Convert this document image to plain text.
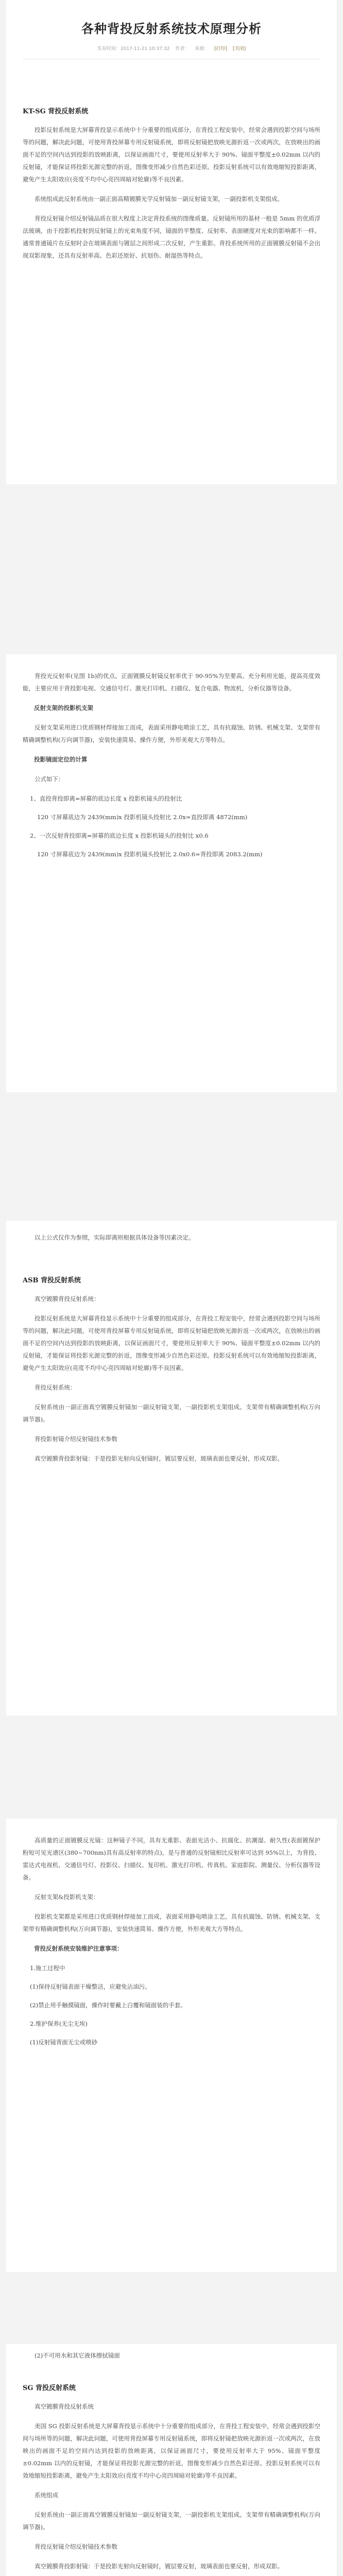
各种背投反射系统技术原理分析
发布时间：2017-11-21 10:37:32 作者： 来源： [打印] [关闭]
KT-SG 背投反射系统

投影反射系统是大屏幕背投显示系统中十分重要的组成部分，在背投工程安装中，经常会遇到投影空间与场所等的问题，解决此问题，可使用背投屏幕专用反射镜系统，即将反射镜把放映光源折返一次或两次，在放映出的画面不足的空间内达到投影的放映距离，以保证画面尺寸，要使用反射率大于 90%、镜面平整度±0.02mm 以内的反射镜，才能保证将投影光源完整的折返，图像变形减少自然色彩还原。投影反射系统可以有效地缩短投影距离，避免产生太阳效应(亮度不均中心亮四周暗对轮廓)等不良因素。

系统组成此反射系统由一副正面高精镀膜光学反射镜加一副反射镜支架，一副投影机支架组成。

背投反射镜介绍反射镜品质在很大程度上决定背投系统的图像质量。反射镜所用的基材一般是 5mm 的优质浮法玻璃，由于投影机投射到反射镜上的光束角度不同，镜面的平整度、反射率、表面硬度对光束的影响都不一样。通常普通镜片在反射时会在玻璃表面与镀层之间形成二次反射，产生重影。背投系统所用的正面镀膜反射镜不会出现双影现象，还具有反射率高、色彩还原好、抗划伤、耐湿热等特点。

背投光反射率(见图 1b)的优点。正面镀膜反射镜反射率优于 90-95%为至要高。充分利用光能，提高亮度效能，主要应用于背投影电视、交通信号灯、激光打印机、扫描仪、复合电器、物流机，分析仪器等设备。

反射支架的投影机支架

反射支架采用进口优质钢材焊接加工而成，表面采用静电喷涂工艺，具有抗腐蚀、防锈、机械支架、支架带有精确调整机构(万向调节器)，安装快速简易、操作方便，外形美观大方等特点。

投影镜面定位的计算

公式如下：

1、直投背投即离=屏幕的底边长度 x 投影机镜头的投射比
120 寸屏幕底边为 2439(mm)x 投影机镜头投射比 2.0x=直投即离 4872(mm)
2、一次反射背投即离=屏幕的底边长度 x 投影机镜头的投射比 x0.6
120 寸屏幕底边为 2439(mm)x 投影机镜头投射比 2.0x0.6=背投即离 2083.2(mm)

以上公式仅作为参照，实际即离则根据具体设备等因素决定。

ASB 背投反射系统

真空镀膜背投反射系统：

投影反射系统是大屏幕背投显示系统中十分重要的组成部分，在背投工程安装中，经常会遇到投影空间与场所等的问题，解决此问题，可使用背投屏幕专用反射镜系统，即将反射镜把放映光源折返一次或两次，在放映出的画面不足的空间内达到投影的放映距离，以保证画面尺寸，要使用反射率大于 90%、镜面平整度±0.02mm 以内的反射镜，才能保证将投影光源完整的折返，图像变形减少自然色彩还原。投影反射系统可以有效地缩短投影距离，避免产生太阳效应(亮度不均中心亮四周暗对轮廓)等不良因素。

背投反射系统：

反射系统由一副正面真空镀膜反射镜加一副反射镜支架，一副投影机支架组成。支架带有精确调整机构(万向调节器)。

背投影射镜介绍反射镜技术参数

真空镀膜背投影射镜：于是投影光射向反射镜时，镀层要反射，玻璃表面也要反射，形成双影。

高质量的正面镀膜反光镜：这种镜子不同，具有无重影、表面光洁小、抗腐化、抗潮湿、耐久性(表面镀保护粉短可见光谱区(380~700nm)具有高反射率的特点)，是与普通的反射镜相比反射率可达到 95%以上，为背投、雷达式电视机、交通信号灯、投影仪、扫描仪、复印机、激光打印机、传真机、家庭影院、测量仪、分析仪器等设备。

反射支架&投影机支架：

投影机支架都是采用进口优质钢材焊接加工而成，表面采用静电喷涂工艺，具有抗腐蚀、防锈、机械支架、支架带有精确调整机构(万向调节器)，安装快速简易、操作方便，外形美观大方等特点。

背投反射系统安装维护注意事项：
1.施工过程中
(1)保持反射镜表面干燥整洁，应避免沾油污。
(2)禁止用手触摸镜面，操作时要戴上白覆和镜面装的手套。
2.维护保养(无尘无埃)
(1)反射镜背面无尘或喷砂

(2)不可用水和其它液体擦拭镜面

SG 背投反射系统

真空镀膜背投反射系统

美国 SG 投影反射系统是大屏幕背投显示系统中十分重要的组成部分，在背投工程安装中，经常会遇到投影空间与场所等的问题，解决此问题，可使用背投屏幕专用反射镜系统，即将反射镜把放映光源折返一次或两次，在放映出的画面不足的空间内达到投影的放映距离，以保证画面尺寸，要使用反射率大于 95%、镜面平整度±0.02mm 以内的反射镜，才能保证将投影光源完整的折返，图像变形减少自然色彩还原。投影反射系统可以有效地缩短投影距离，避免产生太阳效应(亮度不均中心亮四周暗对轮廓)等不良因素。

系统组成

反射系统由一副正面真空镀膜反射镜加一副反射镜支架，一副投影机支架组成。支架带有精确调整机构(万向调节器)。

背投反射镜介绍反射镜技术参数

真空镀膜背投影射镜：于是投影光射向反射镜时，镀层要反射，玻璃表面也要反射，形成双影。
